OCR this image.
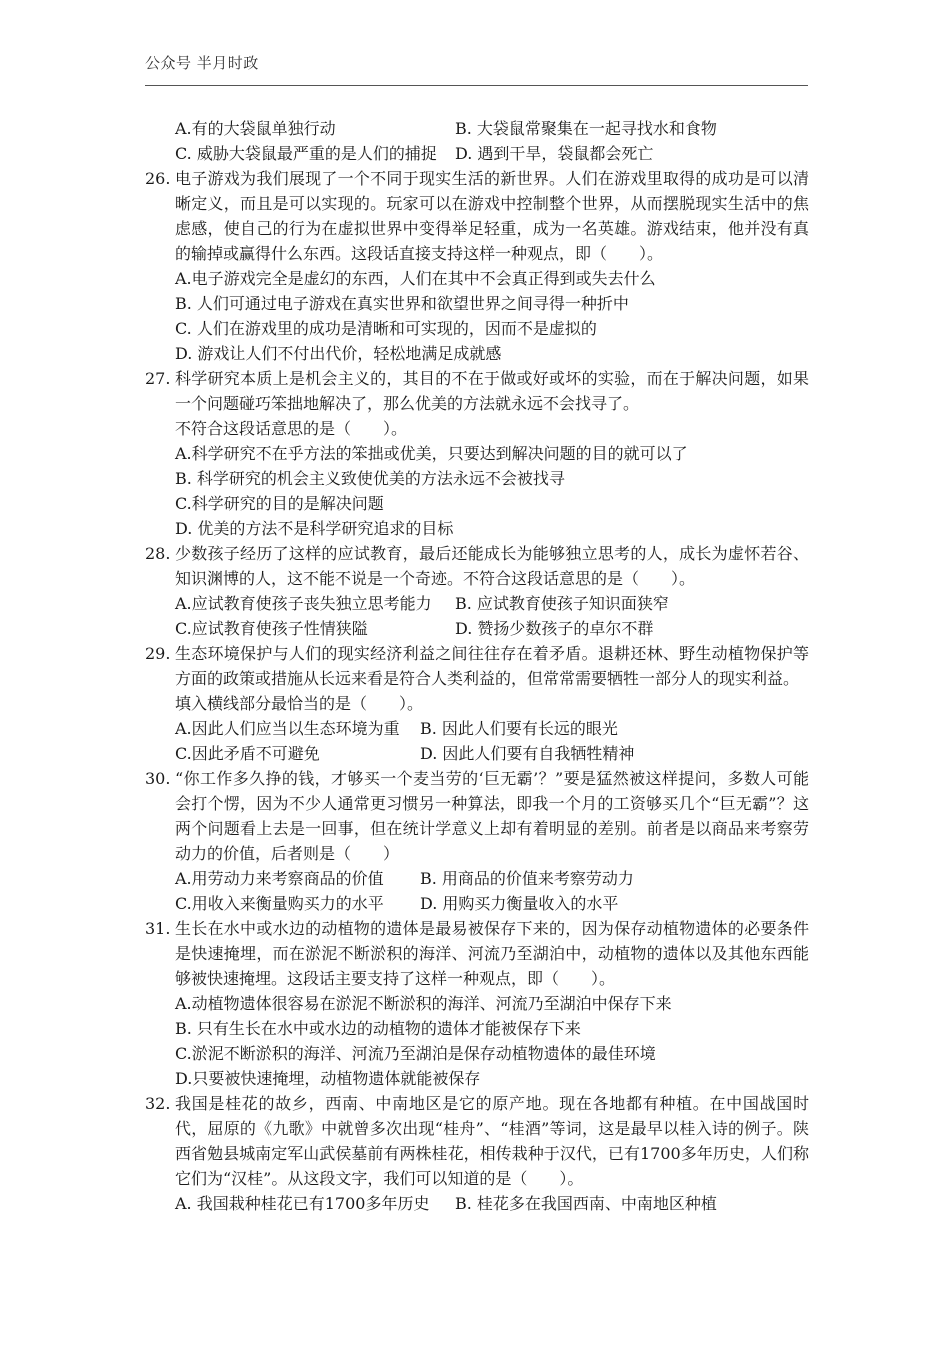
公众号 半月时政
A.有的大袋鼠单独行动	B. 大袋鼠常聚集在一起寻找水和食物
C. 威胁大袋鼠最严重的是人们的捕捉	D. 遇到干旱，袋鼠都会死亡
26. 电子游戏为我们展现了一个不同于现实生活的新世界。人们在游戏里取得的成功是可以清晰定义，而且是可以实现的。玩家可以在游戏中控制整个世界，从而摆脱现实生活中的焦虑感，使自己的行为在虚拟世界中变得举足轻重，成为一名英雄。游戏结束，他并没有真的输掉或赢得什么东西。这段话直接支持这样一种观点，即（　　）。
A.电子游戏完全是虚幻的东西，人们在其中不会真正得到或失去什么
B. 人们可通过电子游戏在真实世界和欲望世界之间寻得一种折中
C. 人们在游戏里的成功是清晰和可实现的，因而不是虚拟的
D. 游戏让人们不付出代价，轻松地满足成就感
27. 科学研究本质上是机会主义的，其目的不在于做或好或坏的实验，而在于解决问题，如果一个问题碰巧笨拙地解决了，那么优美的方法就永远不会找寻了。
不符合这段话意思的是（　　）。
A.科学研究不在乎方法的笨拙或优美，只要达到解决问题的目的就可以了
B. 科学研究的机会主义致使优美的方法永远不会被找寻
C.科学研究的目的是解决问题
D. 优美的方法不是科学研究追求的目标
28. 少数孩子经历了这样的应试教育，最后还能成长为能够独立思考的人，成长为虚怀若谷、知识渊博的人，这不能不说是一个奇迹。不符合这段话意思的是（　　）。
A.应试教育使孩子丧失独立思考能力	B. 应试教育使孩子知识面狭窄
C.应试教育使孩子性情狭隘	D. 赞扬少数孩子的卓尔不群
29. 生态环境保护与人们的现实经济利益之间往往存在着矛盾。退耕还林、野生动植物保护等方面的政策或措施从长远来看是符合人类利益的，但常常需要牺牲一部分人的现实利益。
填入横线部分最恰当的是（　　）。
A.因此人们应当以生态环境为重	B. 因此人们要有长远的眼光
C.因此矛盾不可避免	D. 因此人们要有自我牺牲精神
30. “你工作多久挣的钱，才够买一个麦当劳的‘巨无霸’？”要是猛然被这样提问，多数人可能会打个愣，因为不少人通常更习惯另一种算法，即我一个月的工资够买几个“巨无霸”？这两个问题看上去是一回事，但在统计学意义上却有着明显的差别。前者是以商品来考察劳动力的价值，后者则是（　　）
A.用劳动力来考察商品的价值	B. 用商品的价值来考察劳动力
C.用收入来衡量购买力的水平	D. 用购买力衡量收入的水平
31. 生长在水中或水边的动植物的遗体是最易被保存下来的，因为保存动植物遗体的必要条件是快速掩埋，而在淤泥不断淤积的海洋、河流乃至湖泊中，动植物的遗体以及其他东西能够被快速掩埋。这段话主要支持了这样一种观点，即（　　）。
A.动植物遗体很容易在淤泥不断淤积的海洋、河流乃至湖泊中保存下来
B. 只有生长在水中或水边的动植物的遗体才能被保存下来
C.淤泥不断淤积的海洋、河流乃至湖泊是保存动植物遗体的最佳环境
D.只要被快速掩埋，动植物遗体就能被保存
32. 我国是桂花的故乡，西南、中南地区是它的原产地。现在各地都有种植。在中国战国时代，屈原的《九歌》中就曾多次出现“桂舟”、“桂酒”等词，这是最早以桂入诗的例子。陕西省勉县城南定军山武侯墓前有两株桂花，相传栽种于汉代，已有1700多年历史，人们称它们为“汉桂”。从这段文字，我们可以知道的是（　　）。
A. 我国栽种桂花已有1700多年历史	B. 桂花多在我国西南、中南地区种植
